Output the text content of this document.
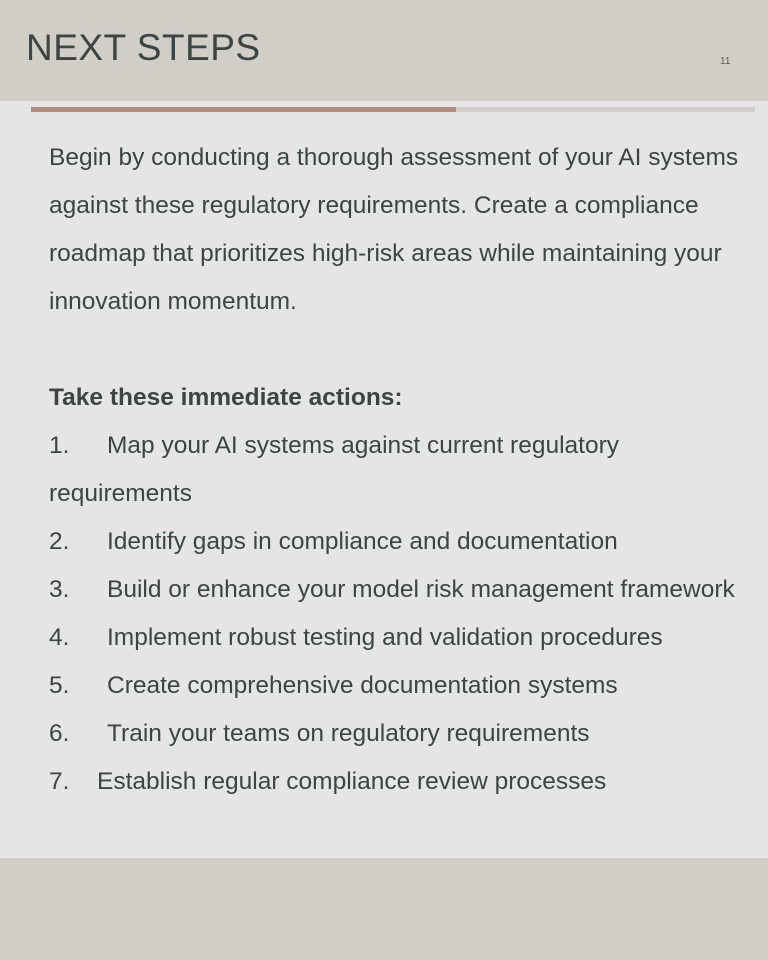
NEXT STEPS	11

Begin by conducting a thorough assessment of your AI systems against these regulatory requirements. Create a compliance roadmap that prioritizes high-risk areas while maintaining your innovation momentum.

Take these immediate actions:

1. Map your AI systems against current regulatory requirements
2. Identify gaps in compliance and documentation
3. Build or enhance your model risk management framework
4. Implement robust testing and validation procedures
5. Create comprehensive documentation systems
6. Train your teams on regulatory requirements
7. Establish regular compliance review processes
